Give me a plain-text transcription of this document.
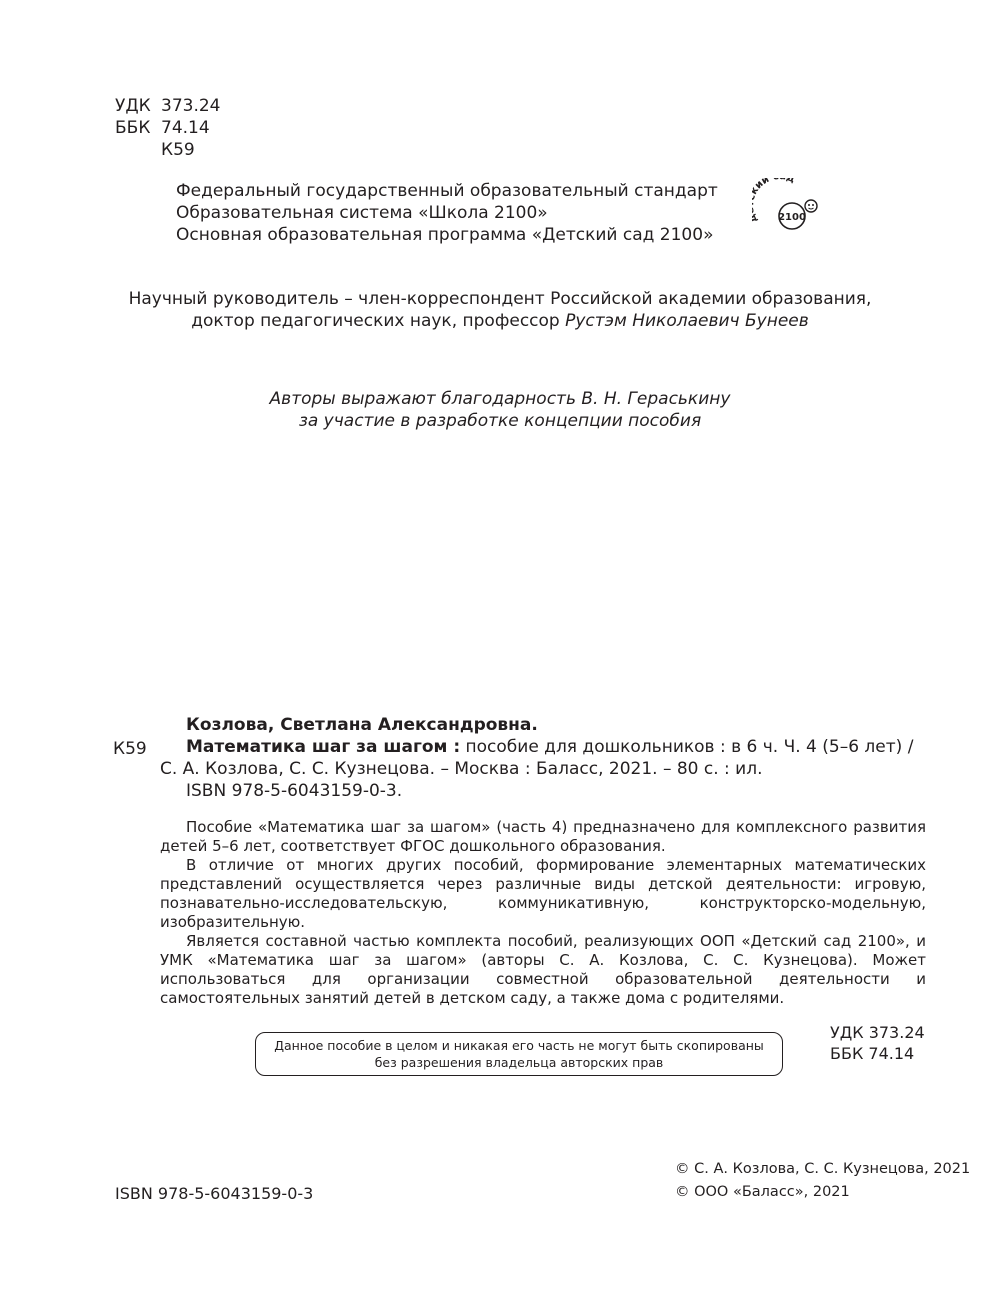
УДК 373.24
ББК 74.14
К59
Федеральный государственный образовательный стандарт
Образовательная система «Школа 2100»
Основная образовательная программа «Детский сад 2100»
ий д
2100
Научный руководитель – член-корреспондент Российской академии образования,
доктор педагогических наук, профессор Рустэм Николаевич Бунеев
Авторы выражают благодарность В. Н. Гераськину
за участие в разработке концепции пособия
К59
Козлова, Светлана Александровна.
Математика шаг за шагом : пособие для дошкольников : в 6 ч. Ч. 4 (5–6 лет) /
С. А. Козлова, С. С. Кузнецова. – Москва : Баласс, 2021. – 80 с. : ил.
ISBN 978-5-6043159-0-3.

Пособие «Математика шаг за шагом» (часть 4) предназначено для комплексного развития детей 5–6 лет, соответствует ФГОС дошкольного образования.

В отличие от многих других пособий, формирование элементарных математических представлений осуществляется через различные виды детской деятельности: игровую, познавательно-исследовательскую, коммуникативную, конструкторско-модельную, изобразительную.

Является составной частью комплекта пособий, реализующих ООП «Детский сад 2100», и УМК «Математика шаг за шагом» (авторы С. А. Козлова, С. С. Кузнецова). Может использоваться для организации совместной образовательной деятельности и самостоятельных занятий детей в детском саду, а также дома с родителями.

Данное пособие в целом и никакая его часть не могут быть скопированы
без разрешения владельца авторских прав
УДК 373.24
ББК 74.14
ISBN 978-5-6043159-0-3
© С. А. Козлова, С. С. Кузнецова, 2021
© ООО «Баласс», 2021
